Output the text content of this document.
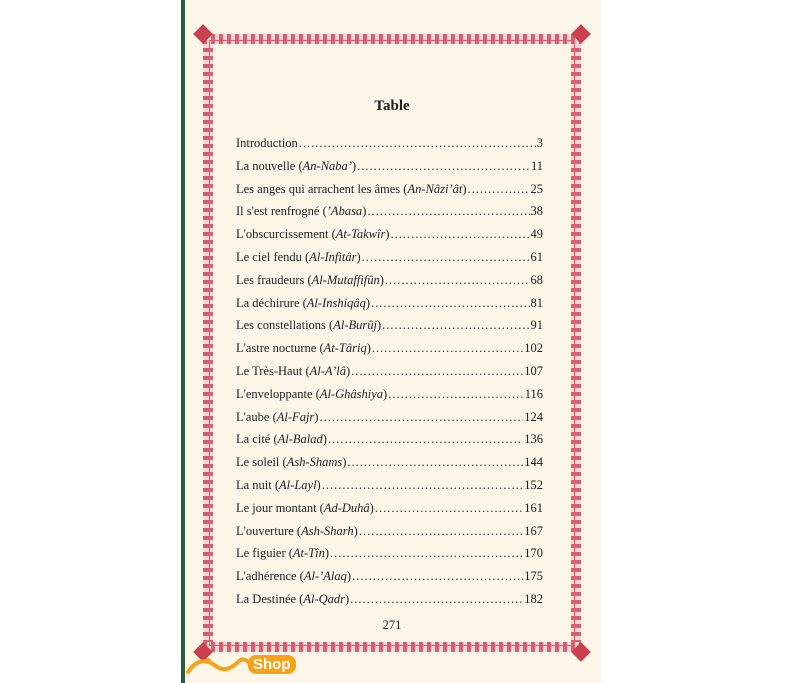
Table
Introduction .....	3
La nouvelle (An-Naba’) .....	11
Les anges qui arrachent les âmes (An-Nâzi’ât) .....	25
Il s'est renfrogné (’Abasa) .....	38
L'obscurcissement (At-Takwîr) .....	49
Le ciel fendu (Al-Infitâr) .....	61
Les fraudeurs (Al-Mutaffifûn) .....	68
La déchirure (Al-Inshiqâq) .....	81
Les constellations (Al-Burûj) .....	91
L'astre nocturne (At-Târiq) .....	102
Le Très-Haut (Al-A’lâ) .....	107
L'enveloppante (Al-Ghâshiya) .....	116
L'aube (Al-Fajr) .....	124
La cité (Al-Balad) .....	136
Le soleil (Ash-Shams) .....	144
La nuit (Al-Layl) .....	152
Le jour montant (Ad-Duhâ) .....	161
L'ouverture (Ash-Sharh) .....	167
Le figuier (At-Tîn) .....	170
L'adhérence (Al-’Alaq) .....	175
La Destinée (Al-Qadr) .....	182
271
Shop
